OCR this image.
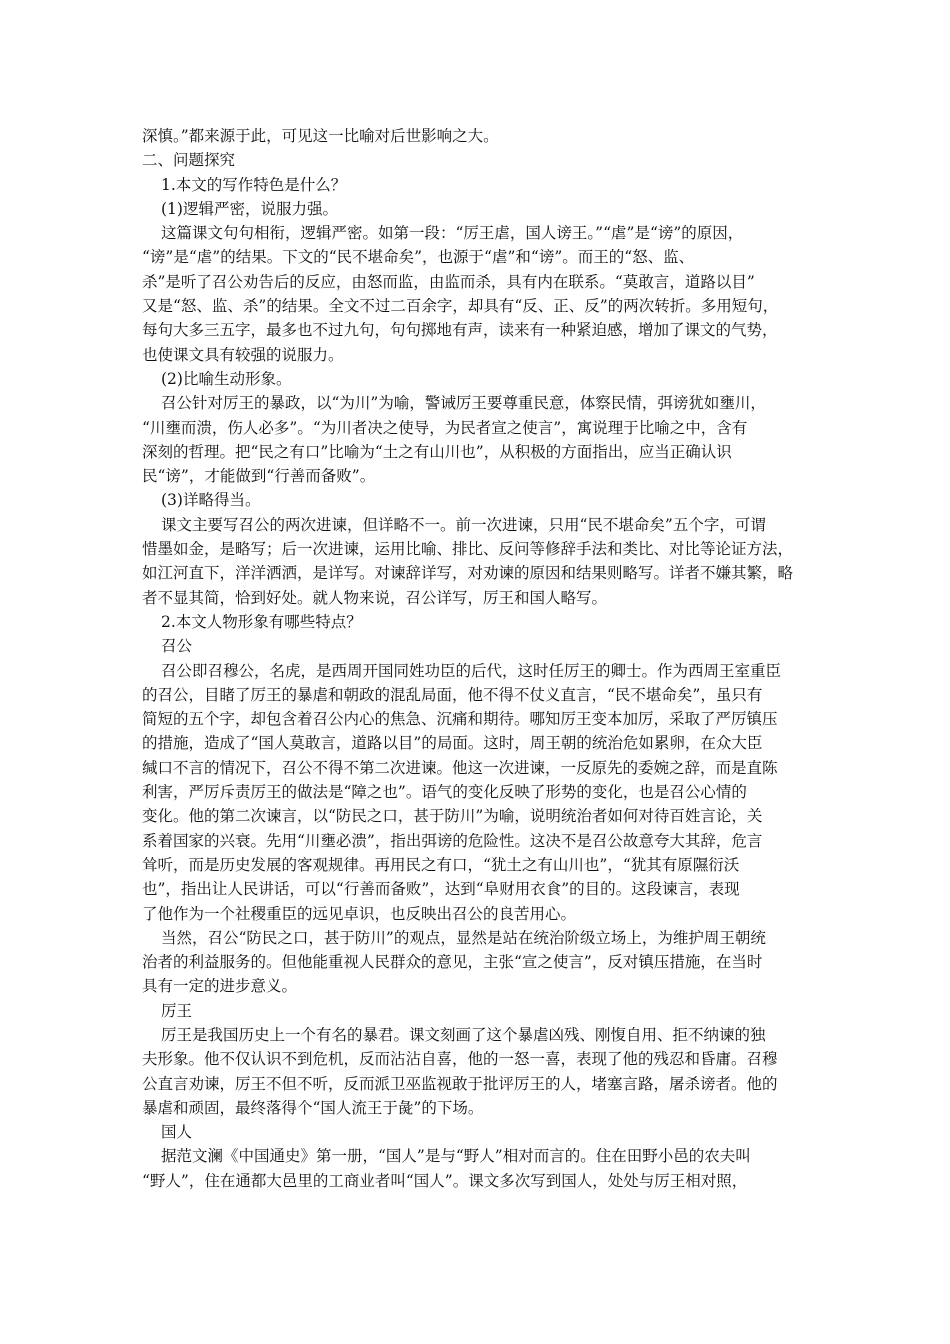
深慎。”都来源于此，可见这一比喻对后世影响之大。
二、问题探究
1.本文的写作特色是什么？
(1)逻辑严密，说服力强。
这篇课文句句相衔，逻辑严密。如第一段：“厉王虐，国人谤王。”“虐”是“谤”的原因，
“谤”是“虐”的结果。下文的“民不堪命矣”，也源于“虐”和“谤”。而王的“怒、监、
杀”是听了召公劝告后的反应，由怒而监，由监而杀，具有内在联系。“莫敢言，道路以目”
又是“怒、监、杀”的结果。全文不过二百余字，却具有“反、正、反”的两次转折。多用短句，
每句大多三五字，最多也不过九句，句句掷地有声，读来有一种紧迫感，增加了课文的气势，
也使课文具有较强的说服力。
(2)比喻生动形象。
召公针对厉王的暴政，以“为川”为喻，警诫厉王要尊重民意，体察民情，弭谤犹如壅川，
“川壅而溃，伤人必多”。“为川者决之使导，为民者宣之使言”，寓说理于比喻之中，含有
深刻的哲理。把“民之有口”比喻为“土之有山川也”，从积极的方面指出，应当正确认识
民“谤”，才能做到“行善而备败”。
(3)详略得当。
课文主要写召公的两次进谏，但详略不一。前一次进谏，只用“民不堪命矣”五个字，可谓
惜墨如金，是略写；后一次进谏，运用比喻、排比、反问等修辞手法和类比、对比等论证方法，
如江河直下，洋洋洒洒，是详写。对谏辞详写，对劝谏的原因和结果则略写。详者不嫌其繁，略
者不显其简，恰到好处。就人物来说，召公详写，厉王和国人略写。
2.本文人物形象有哪些特点？
召公
召公即召穆公，名虎，是西周开国同姓功臣的后代，这时任厉王的卿士。作为西周王室重臣
的召公，目睹了厉王的暴虐和朝政的混乱局面，他不得不仗义直言，“民不堪命矣”，虽只有
简短的五个字，却包含着召公内心的焦急、沉痛和期待。哪知厉王变本加厉，采取了严厉镇压
的措施，造成了“国人莫敢言，道路以目”的局面。这时，周王朝的统治危如累卵，在众大臣
缄口不言的情况下，召公不得不第二次进谏。他这一次进谏，一反原先的委婉之辞，而是直陈
利害，严厉斥责厉王的做法是“障之也”。语气的变化反映了形势的变化，也是召公心情的
变化。他的第二次谏言，以“防民之口，甚于防川”为喻，说明统治者如何对待百姓言论，关
系着国家的兴衰。先用“川壅必溃”，指出弭谤的危险性。这决不是召公故意夸大其辞，危言
耸听，而是历史发展的客观规律。再用民之有口，“犹土之有山川也”，“犹其有原隰衍沃
也”，指出让人民讲话，可以“行善而备败”，达到“阜财用衣食”的目的。这段谏言，表现
了他作为一个社稷重臣的远见卓识，也反映出召公的良苦用心。
当然，召公“防民之口，甚于防川”的观点，显然是站在统治阶级立场上，为维护周王朝统
治者的利益服务的。但他能重视人民群众的意见，主张“宣之使言”，反对镇压措施，在当时
具有一定的进步意义。
厉王
厉王是我国历史上一个有名的暴君。课文刻画了这个暴虐凶残、刚愎自用、拒不纳谏的独
夫形象。他不仅认识不到危机，反而沾沾自喜，他的一怒一喜，表现了他的残忍和昏庸。召穆
公直言劝谏，厉王不但不听，反而派卫巫监视敢于批评厉王的人，堵塞言路，屠杀谤者。他的
暴虐和顽固，最终落得个“国人流王于彘”的下场。
国人
据范文澜《中国通史》第一册，“国人”是与“野人”相对而言的。住在田野小邑的农夫叫
“野人”，住在通都大邑里的工商业者叫“国人”。课文多次写到国人，处处与厉王相对照，
